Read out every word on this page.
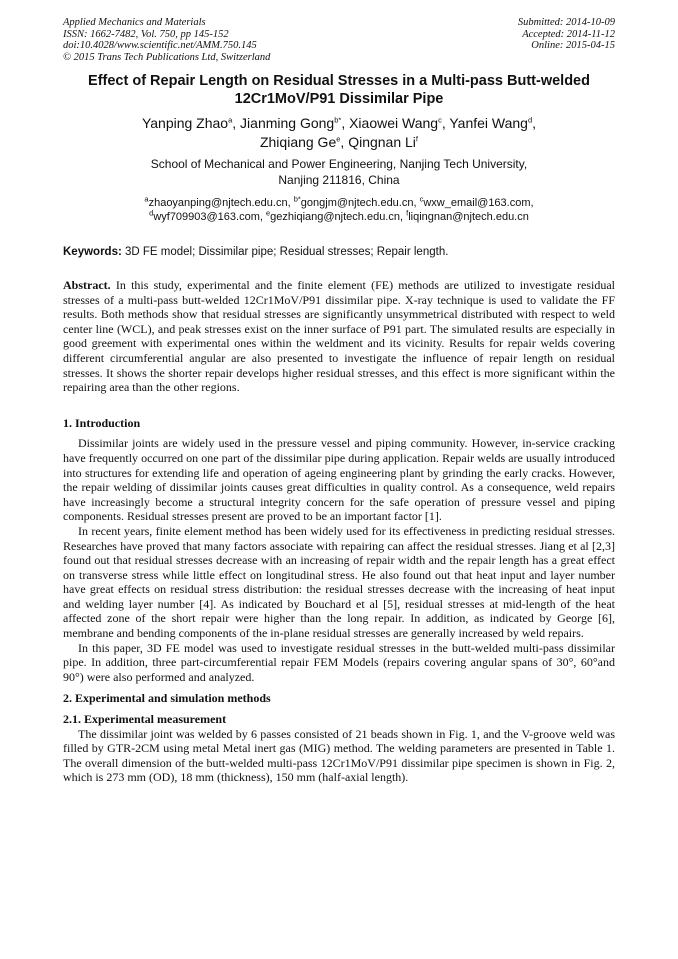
Applied Mechanics and Materials
ISSN: 1662-7482, Vol. 750, pp 145-152
doi:10.4028/www.scientific.net/AMM.750.145
© 2015 Trans Tech Publications Ltd, Switzerland
Submitted: 2014-10-09
Accepted: 2014-11-12
Online: 2015-04-15
Effect of Repair Length on Residual Stresses in a Multi-pass Butt-welded
12Cr1MoV/P91 Dissimilar Pipe
Yanping Zhao$^a$, Jianming Gong$^{b*}$, Xiaowei Wang$^c$, Yanfei Wang$^d$,
Zhiqiang Ge$^e$, Qingnan Li$^f$
School of Mechanical and Power Engineering, Nanjing Tech University,
Nanjing 211816, China
$^a$zhaoyanping@njtech.edu.cn, $^{b*}$gongjm@njtech.edu.cn, $^c$wxw_email@163.com,
$^d$wyf709903@163.com, $^e$gezhiqiang@njtech.edu.cn, $^f$liqingnan@njtech.edu.cn
Keywords: 3D FE model; Dissimilar pipe; Residual stresses; Repair length.

Abstract. In this study, experimental and the finite element (FE) methods are utilized to investigate residual stresses of a multi-pass butt-welded 12Cr1MoV/P91 dissimilar pipe. X-ray technique is used to validate the FF results. Both methods show that residual stresses are significantly unsymmetrical distributed with respect to weld center line (WCL), and peak stresses exist on the inner surface of P91 part. The simulated results are especially in good greement with experimental ones within the weldment and its vicinity. Results for repair welds covering different circumferential angular are also presented to investigate the influence of repair length on residual stresses. It shows the shorter repair develops higher residual stresses, and this effect is more significant within the repairing area than the other regions.

1. Introduction

Dissimilar joints are widely used in the pressure vessel and piping community. However, in-service cracking have frequently occurred on one part of the dissimilar pipe during application. Repair welds are usually introduced into structures for extending life and operation of ageing engineering plant by grinding the early cracks. However, the repair welding of dissimilar joints causes great difficulties in quality control. As a consequence, weld repairs have increasingly become a structural integrity concern for the safe operation of pressure vessel and piping components. Residual stresses present are proved to be an important factor [1].

In recent years, finite element method has been widely used for its effectiveness in predicting residual stresses. Researches have proved that many factors associate with repairing can affect the residual stresses. Jiang et al [2,3] found out that residual stresses decrease with an increasing of repair width and the repair length has a great effect on transverse stress while little effect on longitudinal stress. He also found out that heat input and layer number have great effects on residual stress distribution: the residual stresses decrease with the increasing of heat input and welding layer number [4]. As indicated by Bouchard et al [5], residual stresses at mid-length of the heat affected zone of the short repair were higher than the long repair. In addition, as indicated by George [6], membrane and bending components of the in-plane residual stresses are generally increased by weld repairs.

In this paper, 3D FE model was used to investigate residual stresses in the butt-welded multi-pass dissimilar pipe. In addition, three part-circumferential repair FEM Models (repairs covering angular spans of 30°, 60°and 90°) were also performed and analyzed.

2. Experimental and simulation methods
2.1. Experimental measurement

The dissimilar joint was welded by 6 passes consisted of 21 beads shown in Fig. 1, and the V-groove weld was filled by GTR-2CM using metal Metal inert gas (MIG) method. The welding parameters are presented in Table 1. The overall dimension of the butt-welded multi-pass 12Cr1MoV/P91 dissimilar pipe specimen is shown in Fig. 2, which is 273 mm (OD), 18 mm (thickness), 150 mm (half-axial length).
